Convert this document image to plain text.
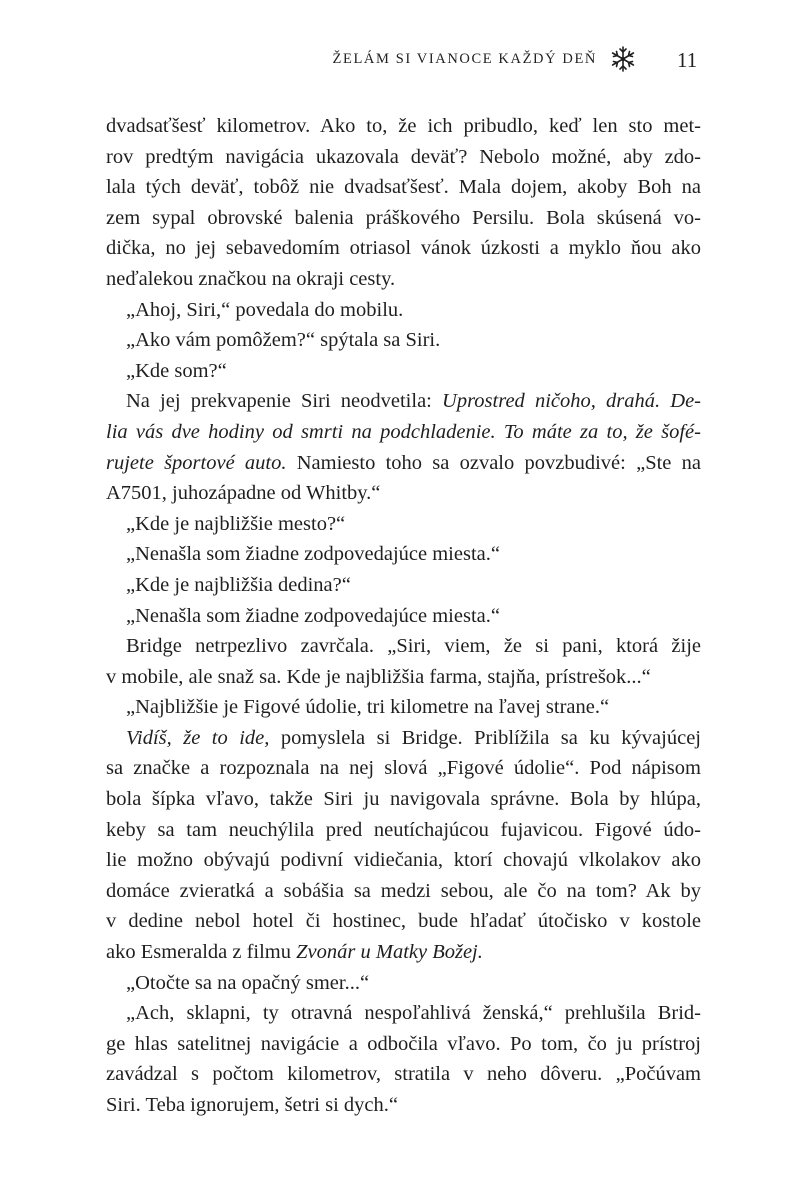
ŽELÁM SI VIANOCE KAŽDÝ DEŇ	11

dvadsaťšesť kilometrov. Ako to, že ich pribudlo, keď len sto met-

rov predtým navigácia ukazovala deväť? Nebolo možné, aby zdo-

lala tých deväť, tobôž nie dvadsaťšesť. Mala dojem, akoby Boh na

zem sypal obrovské balenia práškového Persilu. Bola skúsená vo-

dička, no jej sebavedomím otriasol vánok úzkosti a myklo ňou ako

neďalekou značkou na okraji cesty.

„Ahoj, Siri,“ povedala do mobilu.

„Ako vám pomôžem?“ spýtala sa Siri.

„Kde som?“

Na jej prekvapenie Siri neodvetila: Uprostred ničoho, drahá. De-

lia vás dve hodiny od smrti na podchladenie. To máte za to, že šofé-

rujete športové auto. Namiesto toho sa ozvalo povzbudivé: „Ste na

A7501, juhozápadne od Whitby.“

„Kde je najbližšie mesto?“

„Nenašla som žiadne zodpovedajúce miesta.“

„Kde je najbližšia dedina?“

„Nenašla som žiadne zodpovedajúce miesta.“

Bridge netrpezlivo zavrčala. „Siri, viem, že si pani, ktorá žije

v mobile, ale snaž sa. Kde je najbližšia farma, stajňa, prístrešok...“

„Najbližšie je Figové údolie, tri kilometre na ľavej strane.“

Vidíš, že to ide, pomyslela si Bridge. Priblížila sa ku kývajúcej

sa značke a rozpoznala na nej slová „Figové údolie“. Pod nápisom

bola šípka vľavo, takže Siri ju navigovala správne. Bola by hlúpa,

keby sa tam neuchýlila pred neutíchajúcou fujavicou. Figové údo-

lie možno obývajú podivní vidiečania, ktorí chovajú vlkolakov ako

domáce zvieratká a sobášia sa medzi sebou, ale čo na tom? Ak by

v dedine nebol hotel či hostinec, bude hľadať útočisko v kostole

ako Esmeralda z filmu Zvonár u Matky Božej.

„Otočte sa na opačný smer...“

„Ach, sklapni, ty otravná nespoľahlivá ženská,“ prehlušila Brid-

ge hlas satelitnej navigácie a odbočila vľavo. Po tom, čo ju prístroj

zavádzal s počtom kilometrov, stratila v neho dôveru. „Počúvam

Siri. Teba ignorujem, šetri si dych.“
